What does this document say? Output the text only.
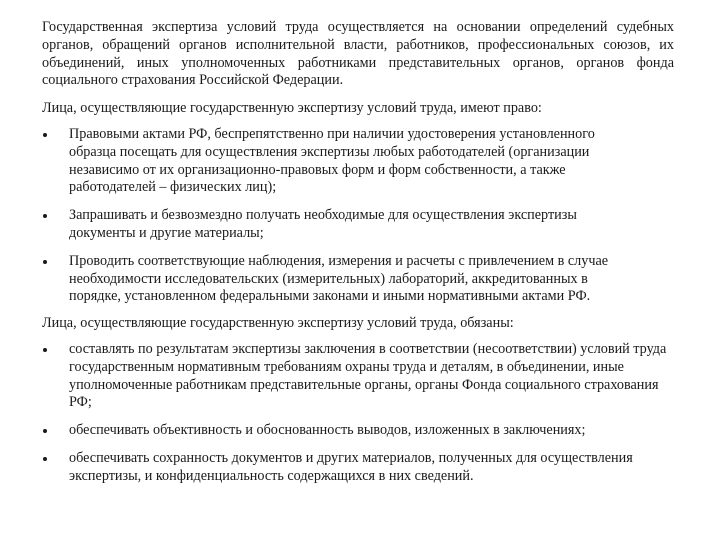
Государственная экспертиза условий труда осуществляется на основании определений судебных органов, обращений органов исполнительной власти, работников, профессиональных союзов, их объединений, иных уполномоченных работниками представительных органов, органов фонда социального страхования Российской Федерации.

Лица, осуществляющие государственную экспертизу условий труда, имеют право:

Правовыми актами РФ, беспрепятственно при наличии удостоверения установленного образца посещать для осуществления экспертизы любых работодателей (организации независимо от их организационно-правовых форм и форм собственности, а также работодателей – физических лиц);
Запрашивать и безвозмездно получать необходимые для осуществления экспертизы документы и другие материалы;
Проводить соответствующие наблюдения, измерения и расчеты с привлечением в случае необходимости исследовательских (измерительных) лабораторий, аккредитованных в порядке, установленном федеральными законами и иными нормативными актами РФ.

Лица, осуществляющие государственную экспертизу условий труда, обязаны:

составлять по результатам экспертизы заключения в соответствии (несоответствии) условий труда государственным нормативным требованиям охраны труда и деталям, в объединении, иные уполномоченные работникам представительные органы, органы Фонда социального страхования РФ;
обеспечивать объективность и обоснованность выводов, изложенных в заключениях;
обеспечивать сохранность документов и других материалов, полученных для осуществления экспертизы, и конфиденциальность содержащихся в них сведений.
